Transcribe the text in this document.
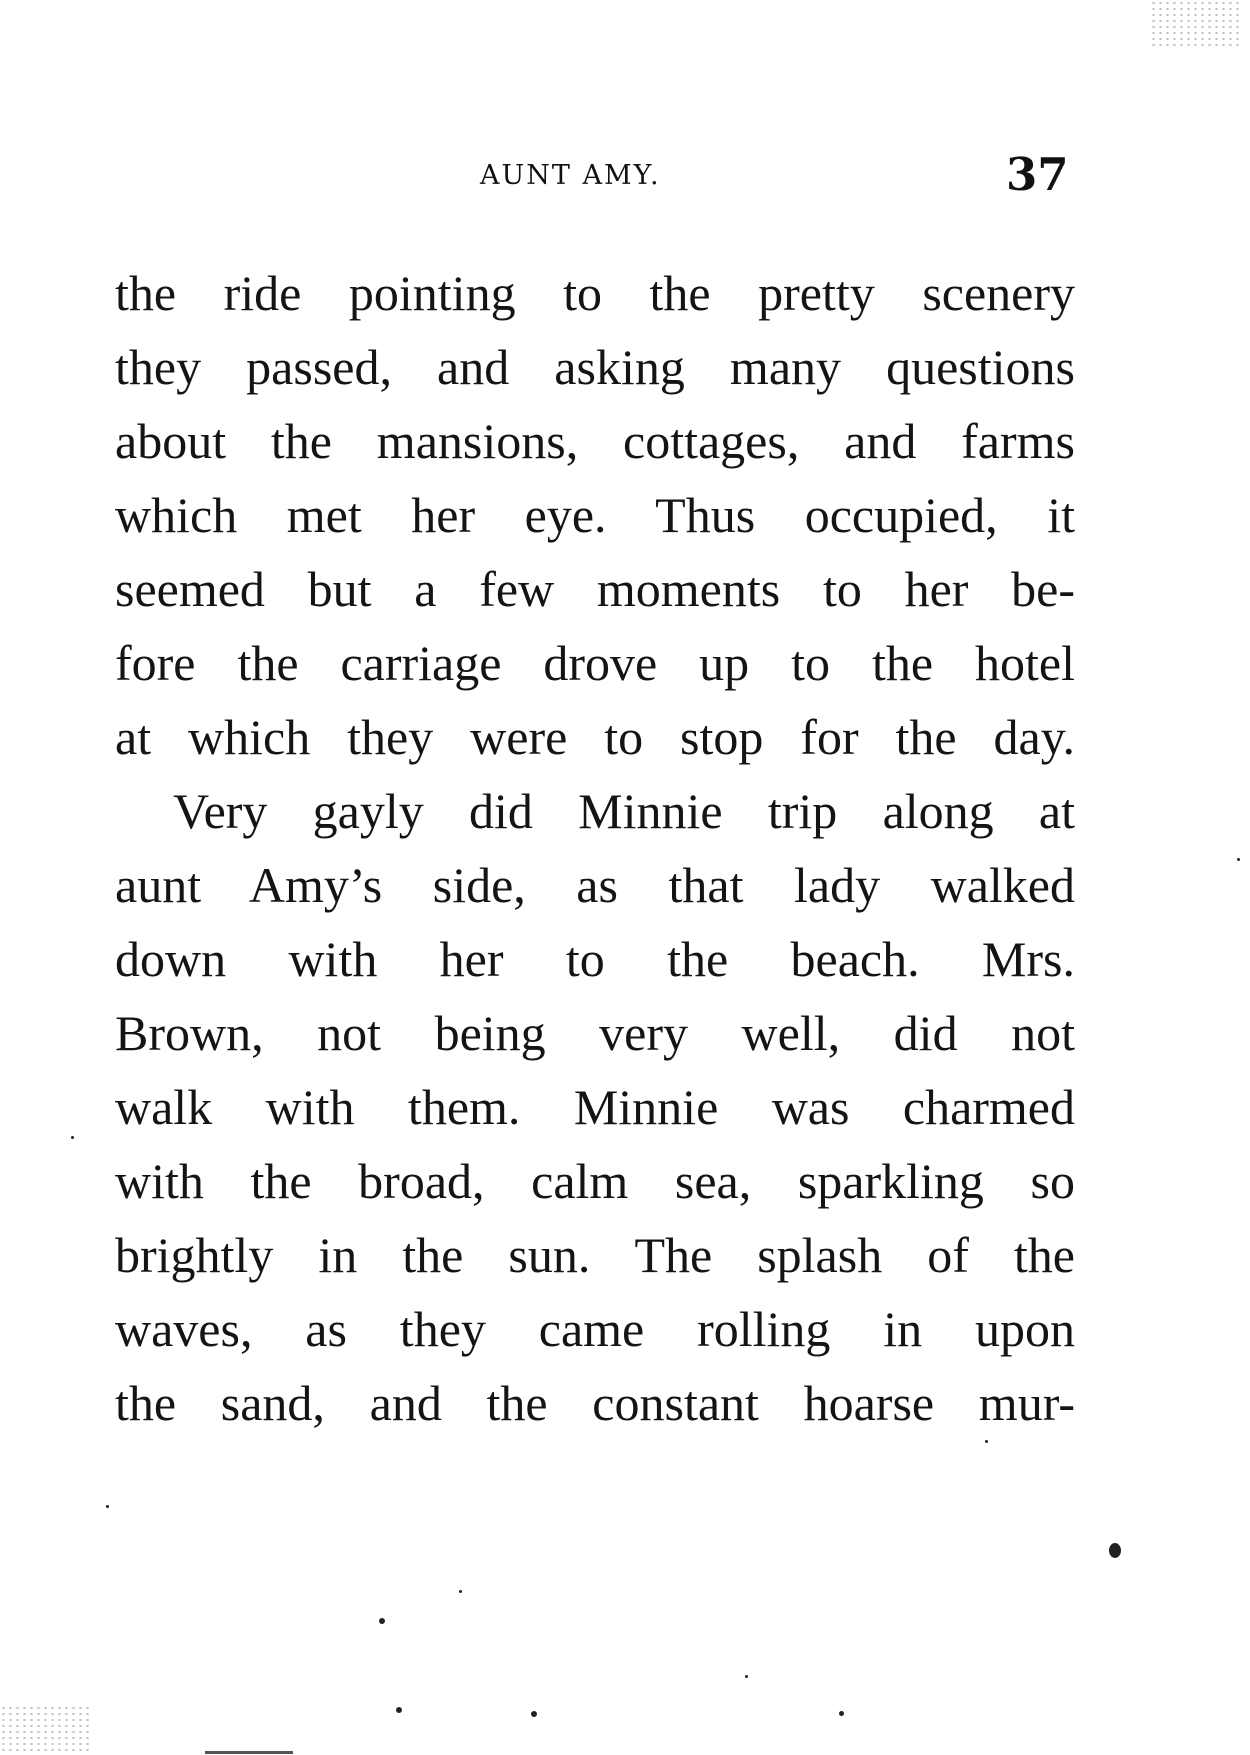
AUNT AMY.	37
the ride pointing to the pretty scenery
they passed, and asking many questions
about the mansions, cottages, and farms
which met her eye. Thus occupied, it
seemed but a few moments to her be-
fore the carriage drove up to the hotel
at which they were to stop for the day.
Very gayly did Minnie trip along at
aunt Amy’s side, as that lady walked
down with her to the beach. Mrs.
Brown, not being very well, did not
walk with them. Minnie was charmed
with the broad, calm sea, sparkling so
brightly in the sun. The splash of the
waves, as they came rolling in upon
the sand, and the constant hoarse mur-
